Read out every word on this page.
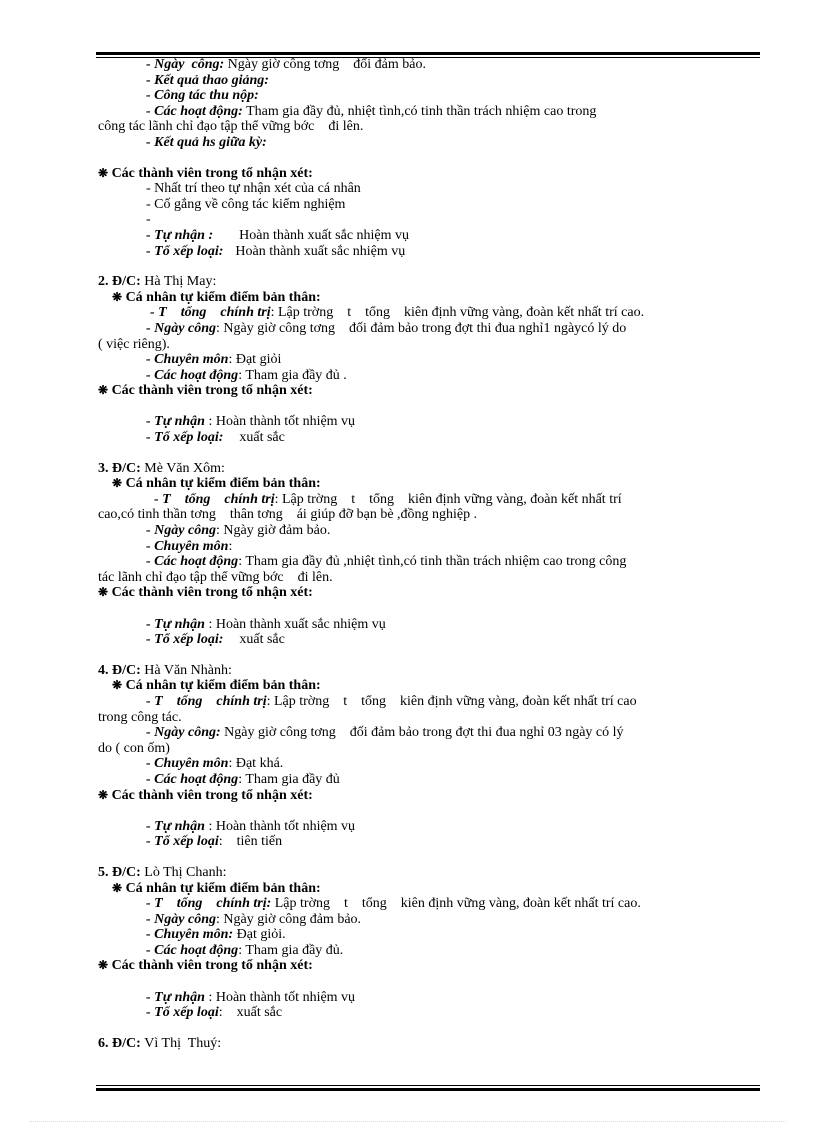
- Ngày  công: Ngày giờ công tơng    đối đảm bảo.
- Kết quả thao giảng:
- Công tác thu nộp:
- Các hoạt động: Tham gia đầy đủ, nhiệt tình,có tinh thần trách nhiệm cao trong
công tác lãnh chỉ đạo tập thể vững bớc    đi lên.
- Kết quả hs giữa kỳ:
❋ Các thành viên trong tổ nhận xét:
- Nhất trí theo tự nhận xét của cá nhân
- Cố gắng về công tác kiểm nghiệm
-
- Tự nhận : Hoàn thành xuất sắc nhiệm vụ
- Tổ xếp loại: Hoàn thành xuất sắc nhiệm vụ
2. Đ/C: Hà Thị May:
❋ Cá nhân tự kiểm điểm bản thân:
- T    tổng    chính trị: Lập trờng    t    tổng    kiên định vững vàng, đoàn kết nhất trí cao.
- Ngày công: Ngày giờ công tơng    đối đảm bảo trong đợt thi đua nghỉ1 ngàycó lý do
( việc riêng).
- Chuyên môn: Đạt giỏi
- Các hoạt động: Tham gia đầy đủ .
❋ Các thành viên trong tổ nhận xét:
- Tự nhận : Hoàn thành tốt nhiệm vụ
- Tổ xếp loại: xuất sắc
3. Đ/C: Mè Văn Xôm:
❋ Cá nhân tự kiểm điểm bản thân:
- T    tổng    chính trị: Lập trờng    t    tổng    kiên định vững vàng, đoàn kết nhất trí
cao,có tinh thần tơng    thân tơng    ái giúp đỡ bạn bè ,đồng nghiệp .
- Ngày công: Ngày giờ đảm bảo.
- Chuyên môn:
- Các hoạt động: Tham gia đầy đủ ,nhiệt tình,có tinh thần trách nhiệm cao trong công
tác lãnh chỉ đạo tập thể vững bớc    đi lên.
❋ Các thành viên trong tổ nhận xét:
- Tự nhận : Hoàn thành xuất sắc nhiệm vụ
- Tổ xếp loại: xuất sắc
4. Đ/C: Hà Văn Nhành:
❋ Cá nhân tự kiểm điểm bản thân:
- T    tổng    chính trị: Lập trờng    t    tổng    kiên định vững vàng, đoàn kết nhất trí cao
trong công tác.
- Ngày công: Ngày giờ công tơng    đối đảm bảo trong đợt thi đua nghỉ 03 ngày có lý
do ( con ốm)
- Chuyên môn: Đạt khá.
- Các hoạt động: Tham gia đầy đủ
❋ Các thành viên trong tổ nhận xét:
- Tự nhận : Hoàn thành tốt nhiệm vụ
- Tổ xếp loại:    tiên tiến
5. Đ/C: Lò Thị Chanh:
❋ Cá nhân tự kiểm điểm bản thân:
- T    tổng    chính trị: Lập trờng    t    tổng    kiên định vững vàng, đoàn kết nhất trí cao.
- Ngày công: Ngày giờ công đảm bảo.
- Chuyên môn: Đạt giỏi.
- Các hoạt động: Tham gia đầy đủ.
❋ Các thành viên trong tổ nhận xét:
- Tự nhận : Hoàn thành tốt nhiệm vụ
- Tổ xếp loại:    xuất sắc
6. Đ/C: Vì Thị  Thuý:
